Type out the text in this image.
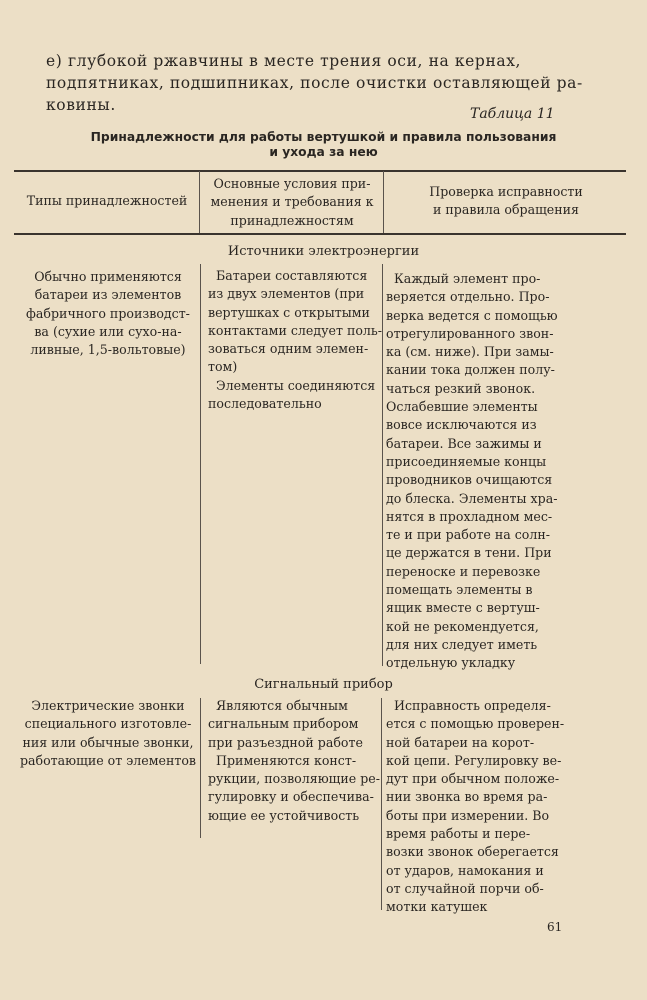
е) глубокой ржавчины в месте трения оси, на кернах,
подпятниках, подшипниках, после очистки оставляющей ра-
ковины.	Таблица 11

Принадлежности для работы вертушкой и правила пользования
и ухода за нею
Типы принадлежностей
Основные условия при-
менения и требования к
принадлежностям
Проверка исправности
и правила обращения

Источники электроэнергии

Обычно применяются
батареи из элементов
фабричного производст-
ва (сухие или сухо-на-
ливные, 1,5-вольтовые)
Батареи составляются
из двух элементов (при
вертушках с открытыми
контактами следует поль-
зоваться одним элемен-
том)
Элементы соединяются
последовательно
Каждый элемент про-
веряется отдельно. Про-
верка ведется с помощью
отрегулированного звон-
ка (см. ниже). При замы-
кании тока должен полу-
чаться резкий звонок.
Ослабевшие элементы
вовсе исключаются из
батареи. Все зажимы и
присоединяемые концы
проводников очищаются
до блеска. Элементы хра-
нятся в прохладном мес-
те и при работе на солн-
це держатся в тени. При
переноске и перевозке
помещать элементы в
ящик вместе с вертуш-
кой не рекомендуется,
для них следует иметь
отдельную укладку

Сигнальный прибор

Электрические звонки
специального изготовле-
ния или обычные звонки,
работающие от элементов
Являются обычным
сигнальным прибором
при разъездной работе
Применяются конст-
рукции, позволяющие ре-
гулировку и обеспечива-
ющие ее устойчивость
Исправность определя-
ется с помощью проверен-
ной батареи на корот-
кой цепи. Регулировку ве-
дут при обычном положе-
нии звонка во время ра-
боты при измерении. Во
время работы и пере-
возки звонок оберегается
от ударов, намокания и
от случайной порчи об-
мотки катушек

61
